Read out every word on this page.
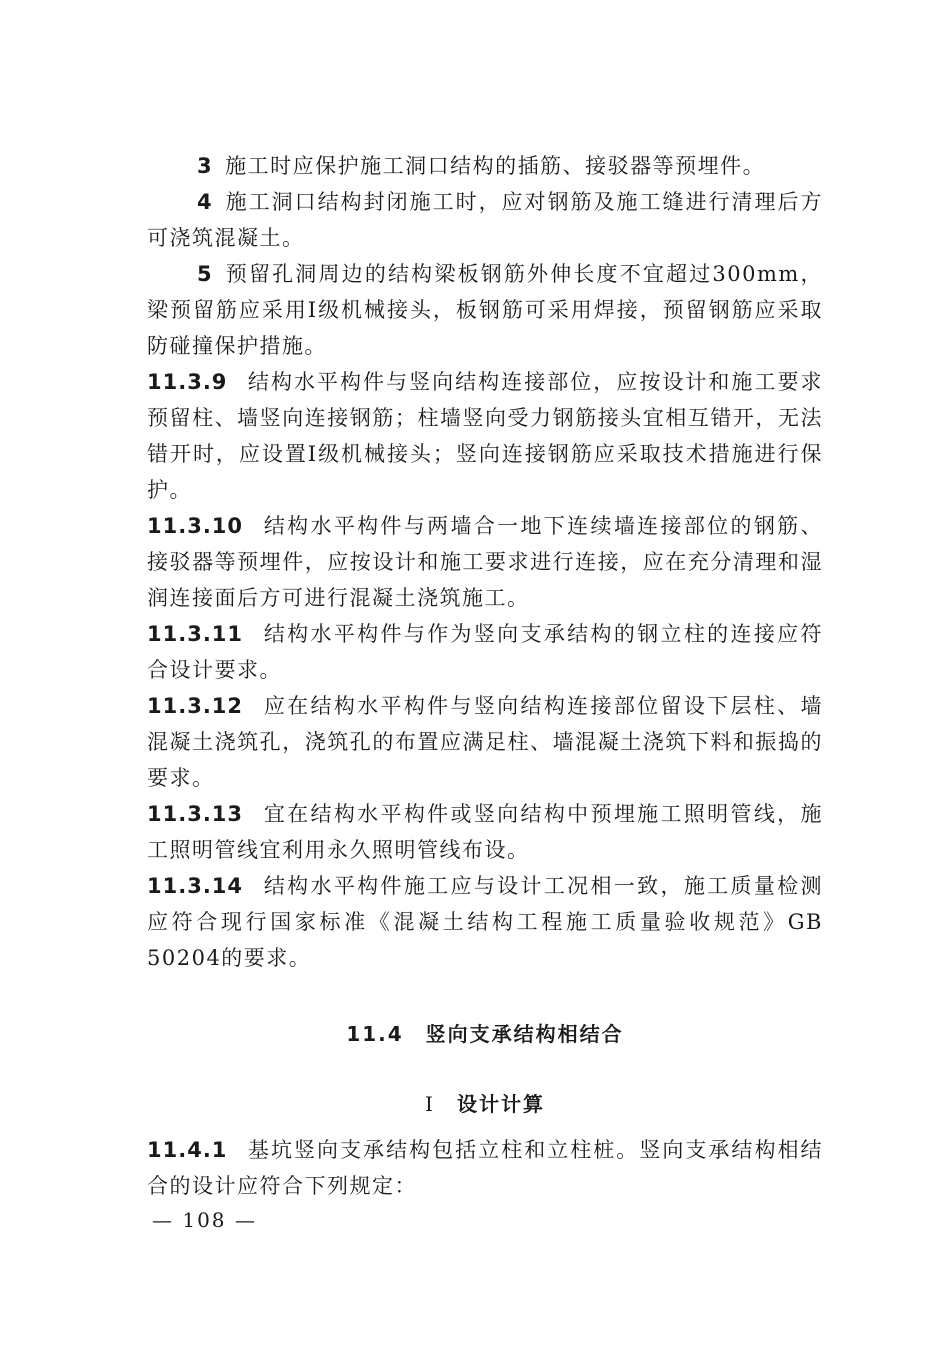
3 施工时应保护施工洞口结构的插筋、接驳器等预埋件。

4 施工洞口结构封闭施工时，应对钢筋及施工缝进行清理后方可浇筑混凝土。

5 预留孔洞周边的结构梁板钢筋外伸长度不宜超过300mm，梁预留筋应采用Ⅰ级机械接头，板钢筋可采用焊接，预留钢筋应采取防碰撞保护措施。

11.3.9 结构水平构件与竖向结构连接部位，应按设计和施工要求预留柱、墙竖向连接钢筋；柱墙竖向受力钢筋接头宜相互错开，无法错开时，应设置Ⅰ级机械接头；竖向连接钢筋应采取技术措施进行保护。

11.3.10 结构水平构件与两墙合一地下连续墙连接部位的钢筋、接驳器等预埋件，应按设计和施工要求进行连接，应在充分清理和湿润连接面后方可进行混凝土浇筑施工。

11.3.11 结构水平构件与作为竖向支承结构的钢立柱的连接应符合设计要求。

11.3.12 应在结构水平构件与竖向结构连接部位留设下层柱、墙混凝土浇筑孔，浇筑孔的布置应满足柱、墙混凝土浇筑下料和振捣的要求。

11.3.13 宜在结构水平构件或竖向结构中预埋施工照明管线，施工照明管线宜利用永久照明管线布设。

11.3.14 结构水平构件施工应与设计工况相一致，施工质量检测应符合现行国家标准《混凝土结构工程施工质量验收规范》GB 50204的要求。

11.4 竖向支承结构相结合
Ⅰ 设计计算

11.4.1 基坑竖向支承结构包括立柱和立柱桩。竖向支承结构相结合的设计应符合下列规定：

— 108 —
